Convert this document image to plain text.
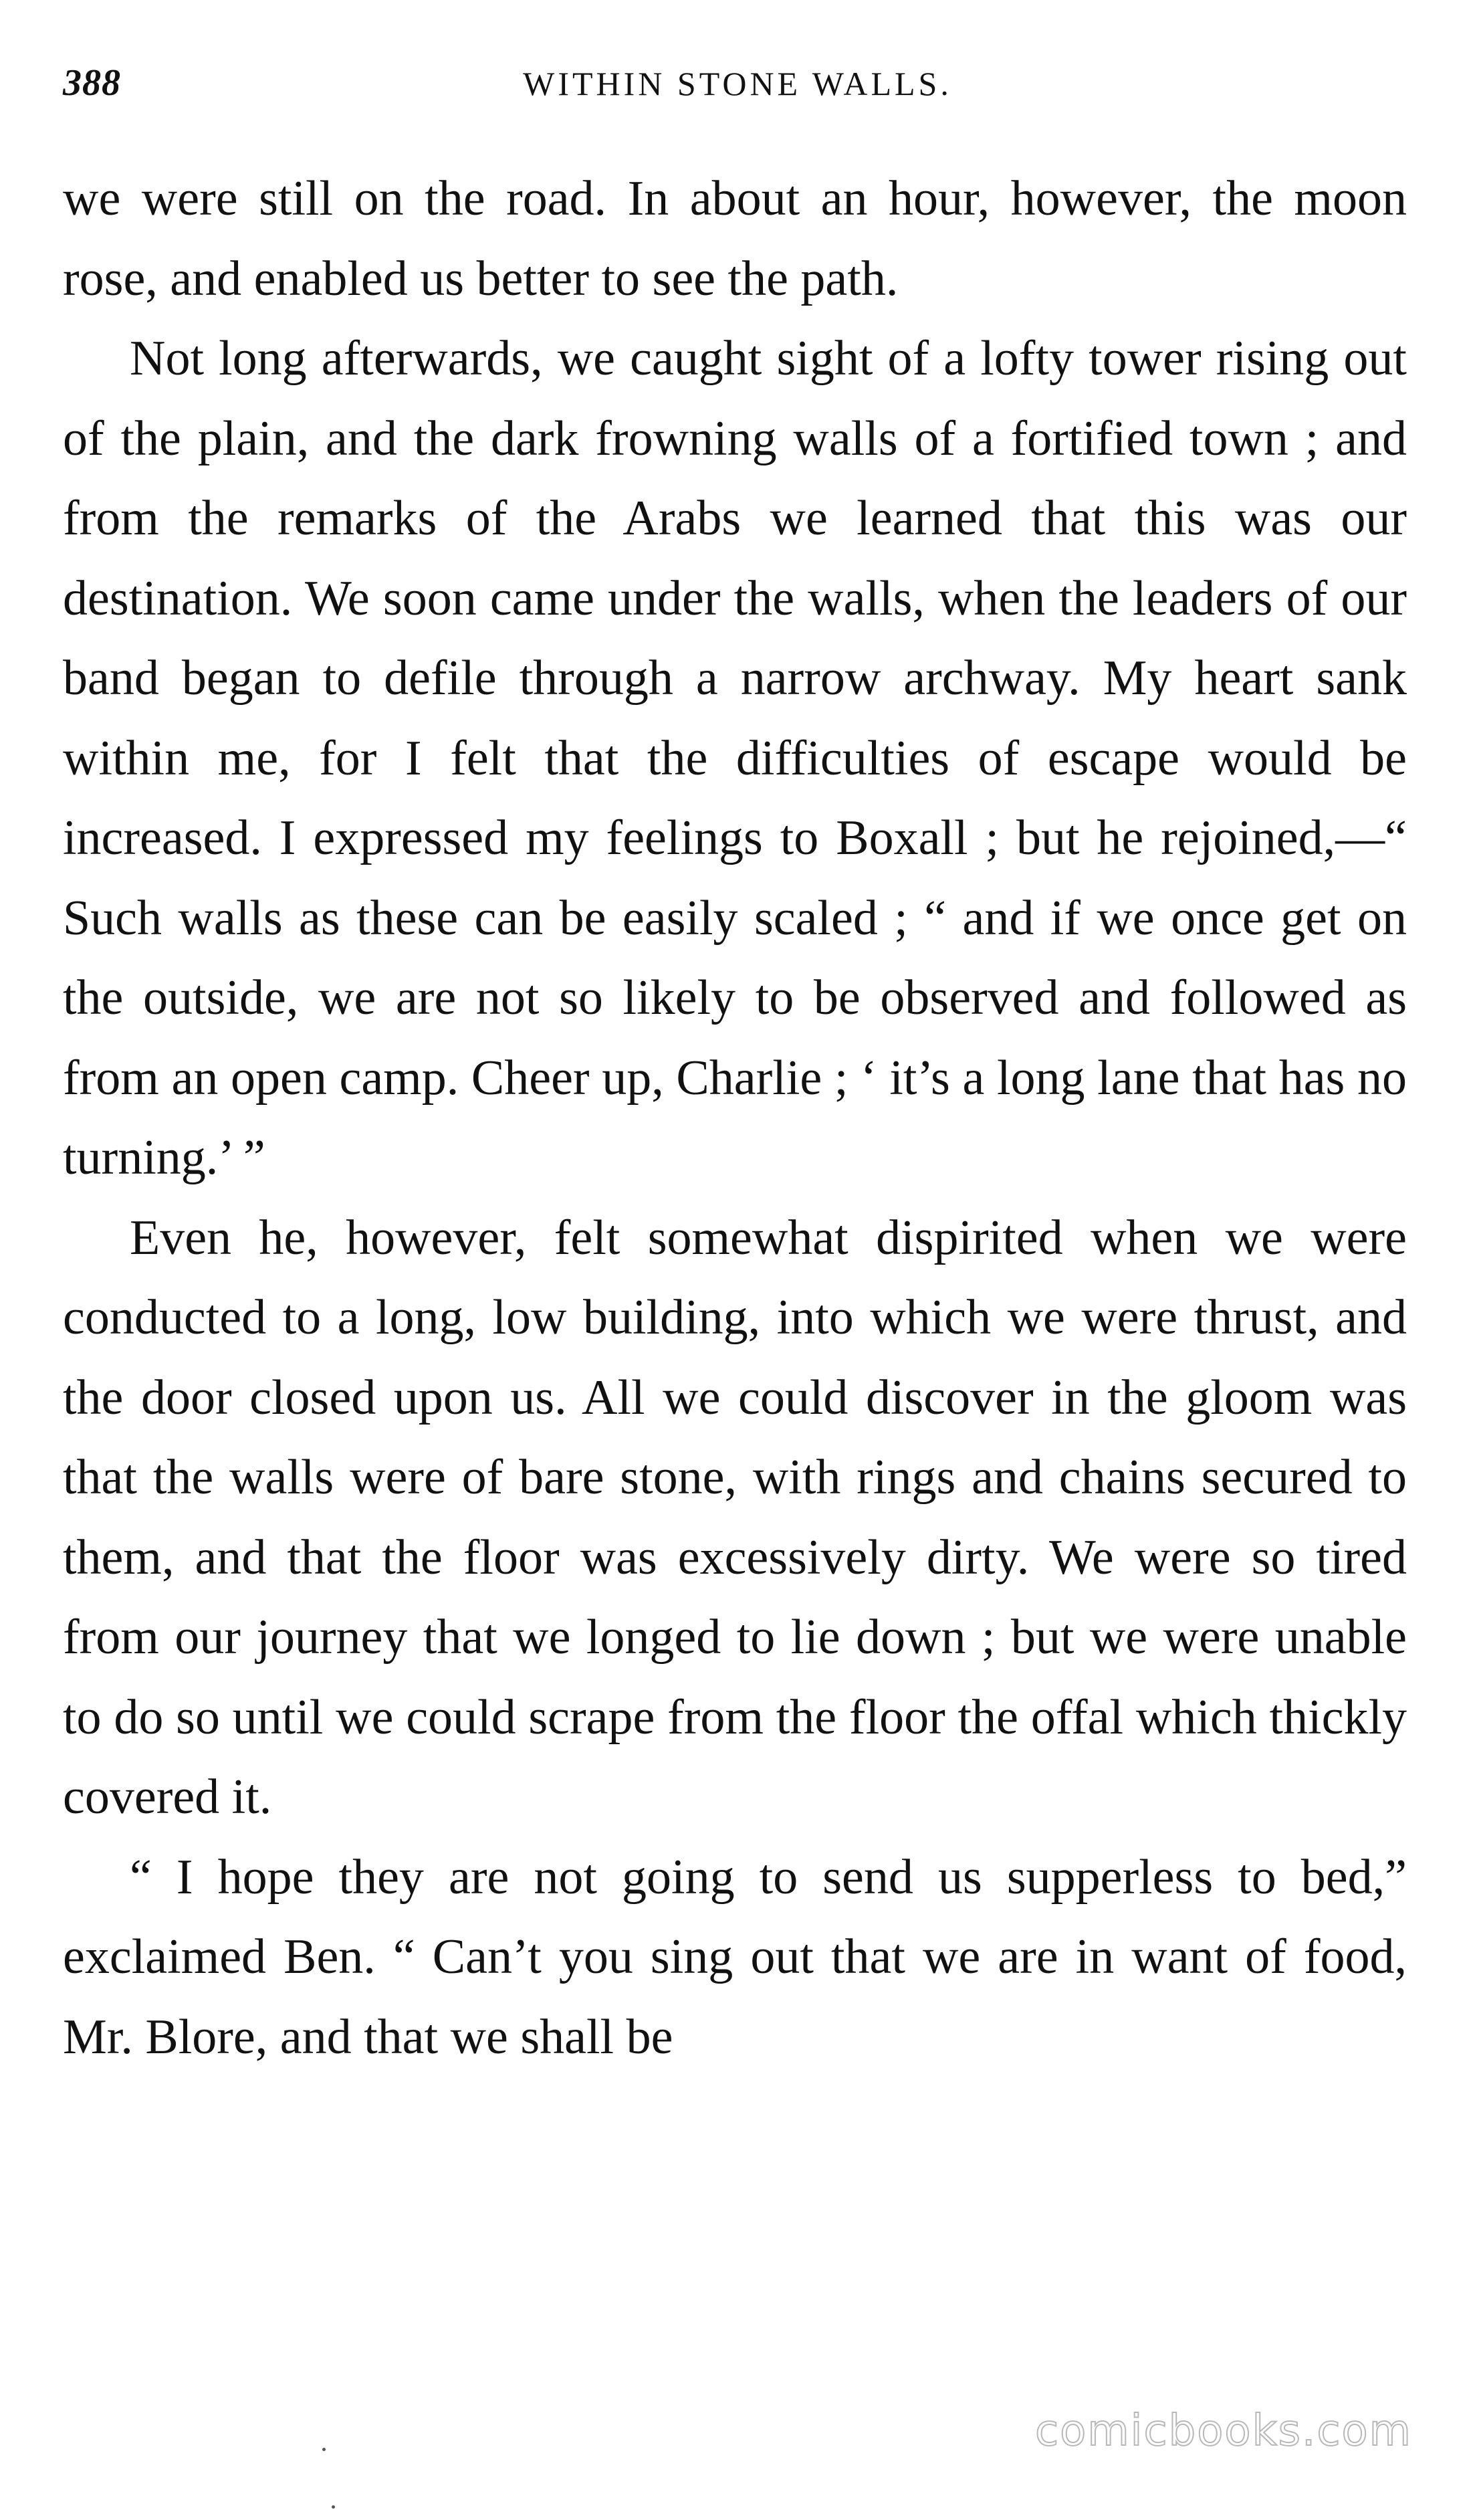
388	WITHIN STONE WALLS.

we were still on the road. In about an hour, however, the moon rose, and enabled us better to see the path.

Not long afterwards, we caught sight of a lofty tower rising out of the plain, and the dark frowning walls of a fortified town ; and from the remarks of the Arabs we learned that this was our destination. We soon came under the walls, when the leaders of our band began to defile through a narrow archway. My heart sank within me, for I felt that the difficulties of escape would be increased. I expressed my feelings to Boxall ; but he rejoined,—“ Such walls as these can be easily scaled ; “ and if we once get on the outside, we are not so likely to be observed and followed as from an open camp. Cheer up, Charlie ; ‘ it’s a long lane that has no turning.’ ”

Even he, however, felt somewhat dispirited when we were conducted to a long, low building, into which we were thrust, and the door closed upon us. All we could discover in the gloom was that the walls were of bare stone, with rings and chains secured to them, and that the floor was excessively dirty. We were so tired from our journey that we longed to lie down ; but we were unable to do so until we could scrape from the floor the offal which thickly covered it.

“ I hope they are not going to send us supperless to bed,” exclaimed Ben. “ Can’t you sing out that we are in want of food, Mr. Blore, and that we shall be

comicbooks.com
